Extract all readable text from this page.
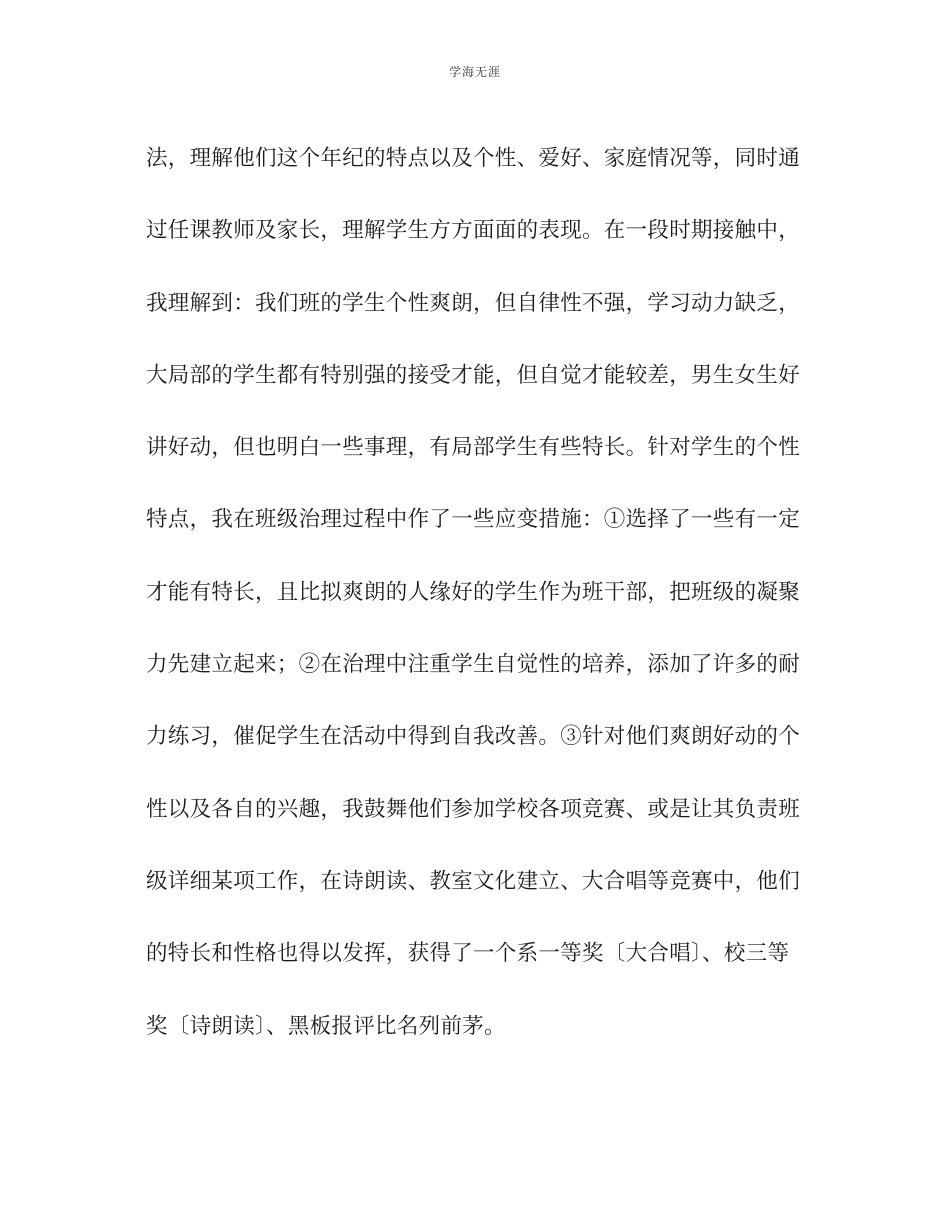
学海无涯
法，理解他们这个年纪的特点以及个性、爱好、家庭情况等，同时通
过任课教师及家长，理解学生方方面面的表现。在一段时期接触中，
我理解到：我们班的学生个性爽朗，但自律性不强，学习动力缺乏，
大局部的学生都有特别强的接受才能，但自觉才能较差，男生女生好
讲好动，但也明白一些事理，有局部学生有些特长。针对学生的个性
特点，我在班级治理过程中作了一些应变措施：①选择了一些有一定
才能有特长，且比拟爽朗的人缘好的学生作为班干部，把班级的凝聚
力先建立起来；②在治理中注重学生自觉性的培养，添加了许多的耐
力练习，催促学生在活动中得到自我改善。③针对他们爽朗好动的个
性以及各自的兴趣，我鼓舞他们参加学校各项竞赛、或是让其负责班
级详细某项工作，在诗朗读、教室文化建立、大合唱等竞赛中，他们
的特长和性格也得以发挥，获得了一个系一等奖〔大合唱〕、校三等
奖〔诗朗读〕、黑板报评比名列前茅。
